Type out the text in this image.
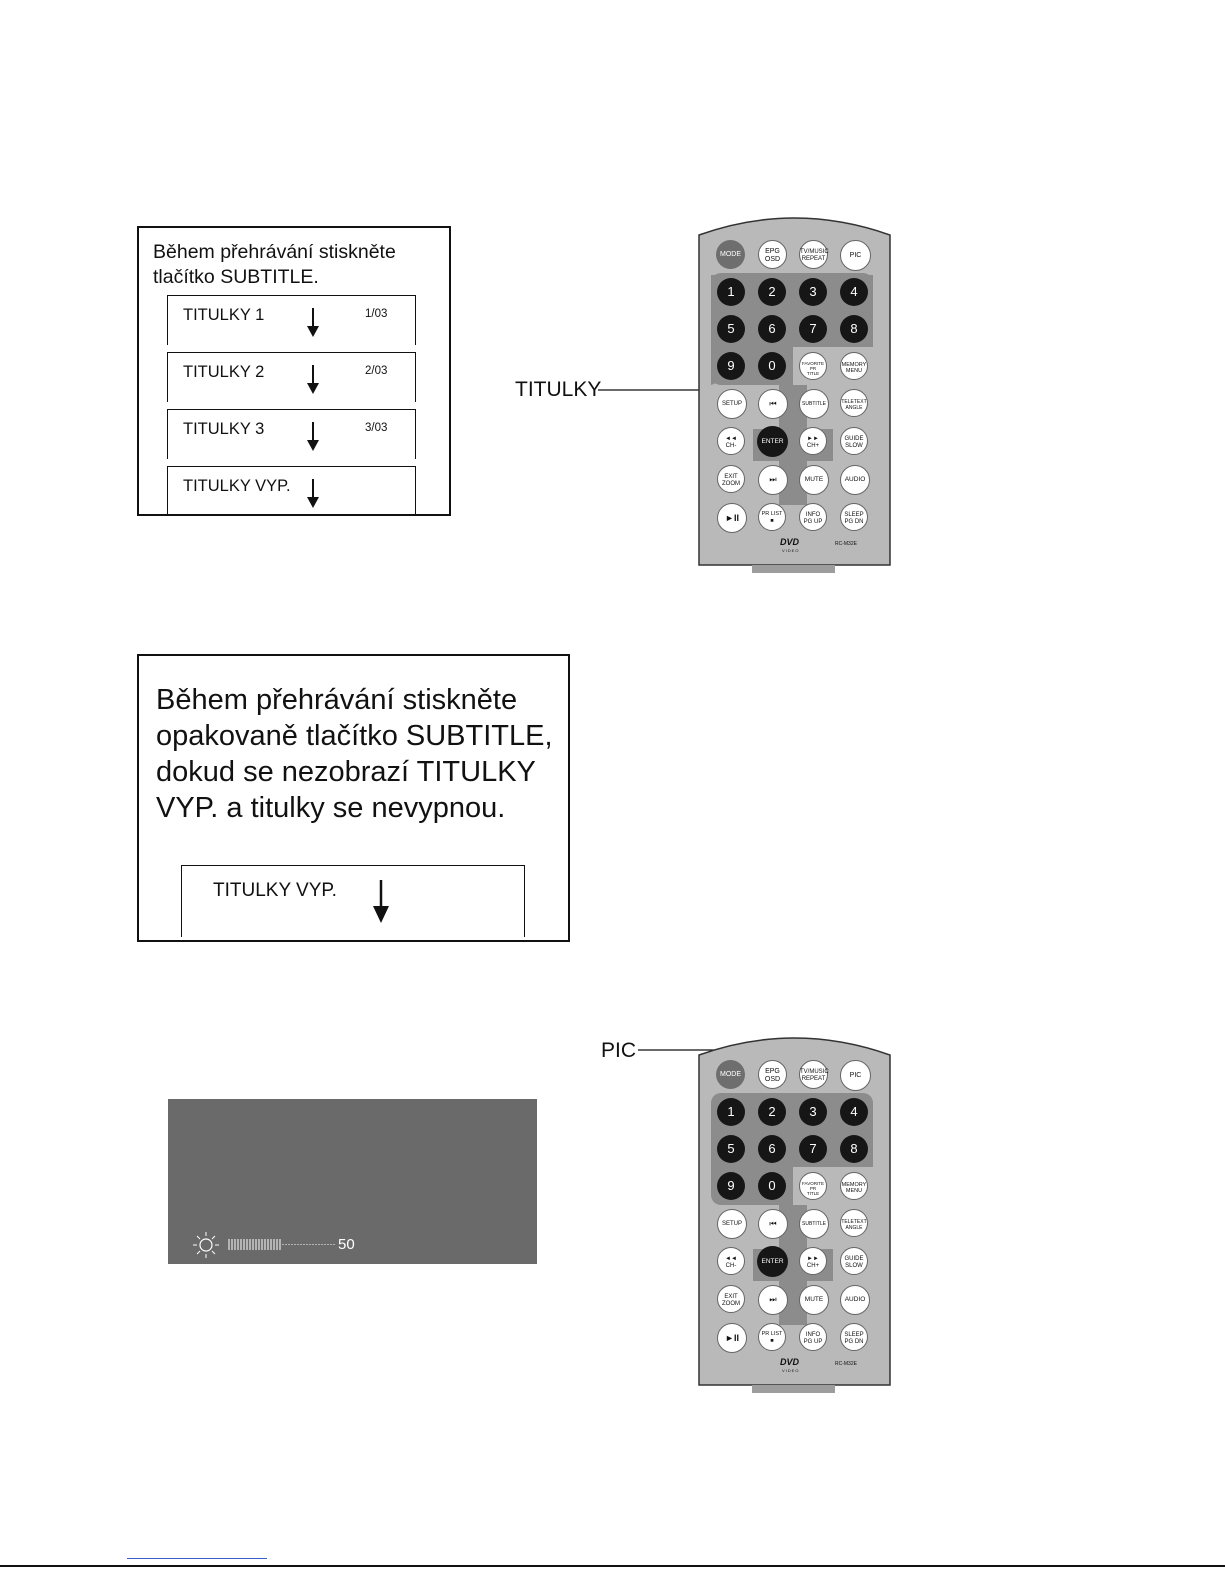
Během přehrávání stiskněte
tlačítko SUBTITLE.
TITULKY 1	1/03
TITULKY 2	2/03
TITULKY 3	3/03
TITULKY VYP.
TITULKY
MODE	EPG
OSD
TV/MUSIC
REPEAT	PIC
1	2	3	4
5	6	7	8
9	0	FAVORITE
PR
TITLE
MEMORY
MENU
SETUP	⏮	SUBTITLE	TELETEXT
ANGLE
◄◄
CH-
ENTER	►►
CH+
GUIDE
SLOW
EXIT
ZOOM	⏭	MUTE	AUDIO
►II	PR LIST
■
INFO
PG UP
SLEEP
PG DN
DVD
VIDEO
RC-M32E
Během přehrávání stiskněte
opakovaně tlačítko SUBTITLE,
dokud se nezobrazí TITULKY
VYP. a titulky se nevypnou.
TITULKY VYP.
50
PIC
MODE	EPG
OSD
TV/MUSIC
REPEAT	PIC
1	2	3	4
5	6	7	8
9	0	FAVORITE
PR
TITLE
MEMORY
MENU
SETUP	⏮	SUBTITLE	TELETEXT
ANGLE
◄◄
CH-
ENTER	►►
CH+
GUIDE
SLOW
EXIT
ZOOM	⏭	MUTE	AUDIO
►II	PR LIST
■
INFO
PG UP
SLEEP
PG DN
DVD
VIDEO
RC-M32E
